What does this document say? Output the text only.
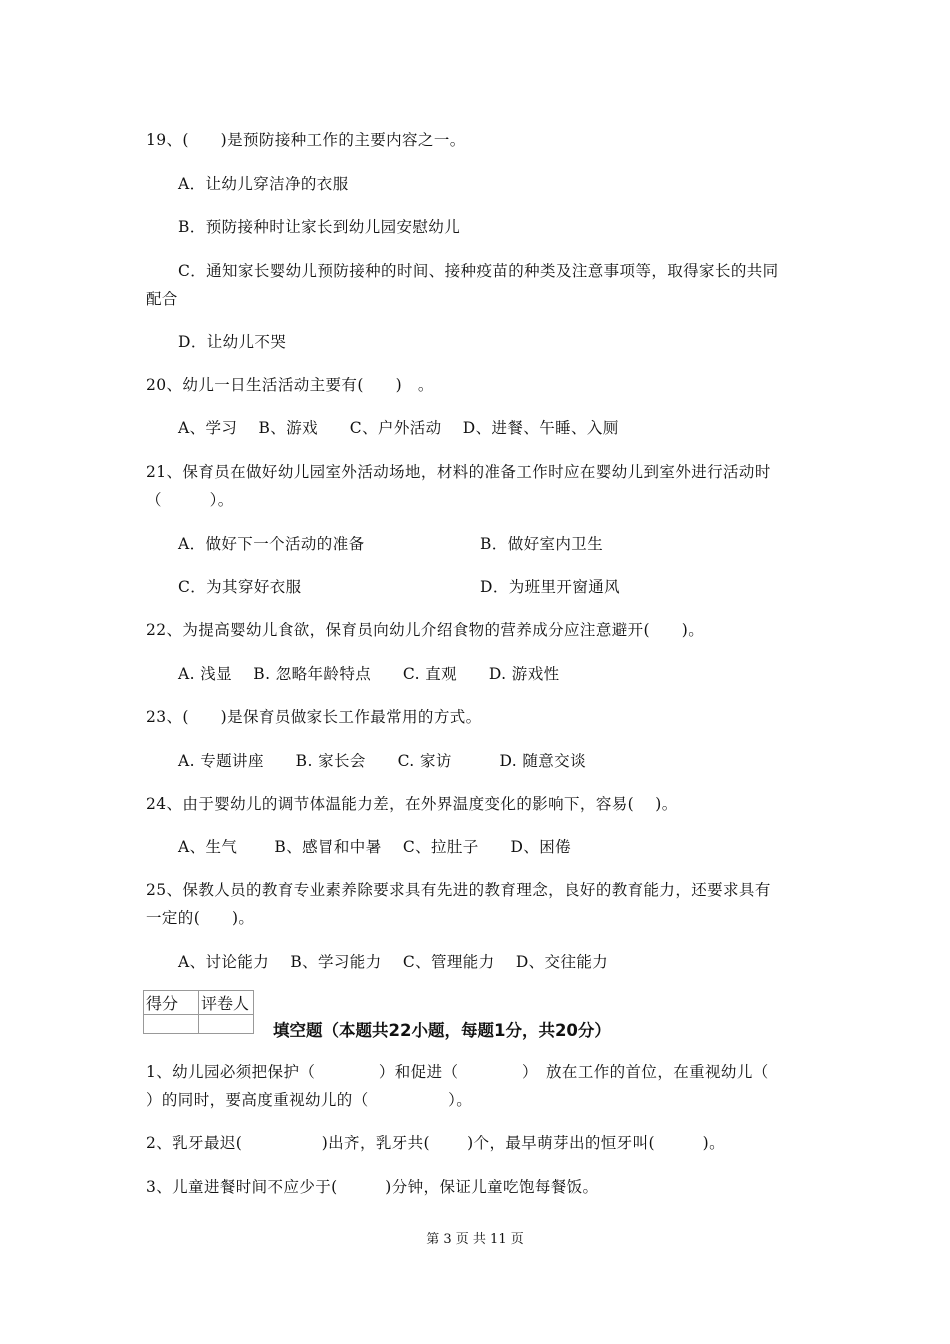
19、(　　)是预防接种工作的主要内容之一。
A．让幼儿穿洁净的衣服
B．预防接种时让家长到幼儿园安慰幼儿
C．通知家长婴幼儿预防接种的时间、接种疫苗的种类及注意事项等，取得家长的共同
配合
D．让幼儿不哭
20、幼儿一日生活活动主要有(　　)　。
A、学习　 B、游戏　　C、户外活动　 D、进餐、午睡、入厕
21、保育员在做好幼儿园室外活动场地，材料的准备工作时应在婴幼儿到室外进行活动时
（　　　）。
A．做好下一个活动的准备	B．做好室内卫生
C．为其穿好衣服	D．为班里开窗通风
22、为提高婴幼儿食欲，保育员向幼儿介绍食物的营养成分应注意避开(　　)。
A. 浅显　 B. 忽略年龄特点　　C. 直观　　D. 游戏性
23、(　　)是保育员做家长工作最常用的方式。
A. 专题讲座　　B. 家长会　　C. 家访　　　D. 随意交谈
24、由于婴幼儿的调节体温能力差，在外界温度变化的影响下，容易(　 )。
A、生气　　 B、感冒和中暑　 C、拉肚子　　D、困倦
25、保教人员的教育专业素养除要求具有先进的教育理念，良好的教育能力，还要求具有
一定的(　　)。
A、讨论能力　 B、学习能力　 C、管理能力　 D、交往能力
得分	评卷人

填空题（本题共22小题，每题1分，共20分）
1、幼儿园必须把保护（　　　　）和促进（　　　　）　放在工作的首位，在重视幼儿（
）的同时，要高度重视幼儿的（　　　　　）。
2、乳牙最迟(　　　　　)出齐，乳牙共(　　 )个，最早萌芽出的恒牙叫(　　　)。
3、儿童进餐时间不应少于(　　　)分钟，保证儿童吃饱每餐饭。
第 3 页 共 11 页
